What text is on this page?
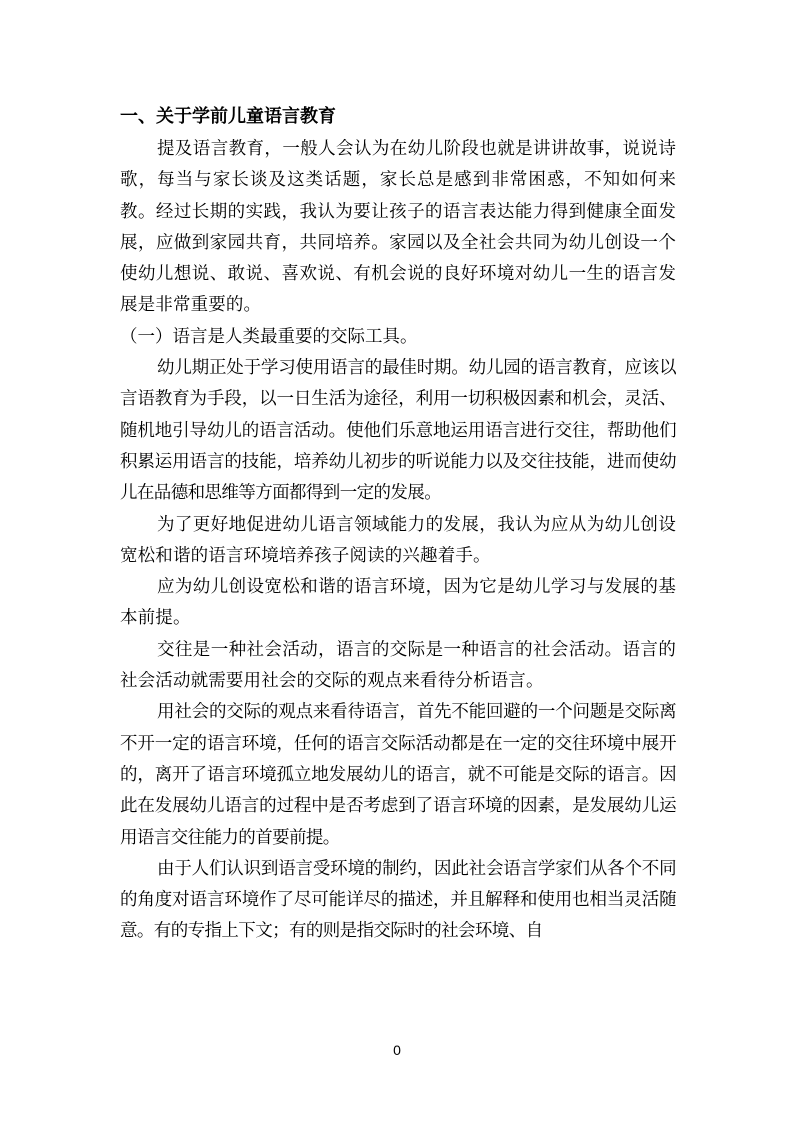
一、关于学前儿童语言教育

提及语言教育，一般人会认为在幼儿阶段也就是讲讲故事，说说诗歌，每当与家长谈及这类话题，家长总是感到非常困惑，不知如何来教。经过长期的实践，我认为要让孩子的语言表达能力得到健康全面发展，应做到家园共育，共同培养。家园以及全社会共同为幼儿创设一个使幼儿想说、敢说、喜欢说、有机会说的良好环境对幼儿一生的语言发展是非常重要的。

（一）语言是人类最重要的交际工具。

幼儿期正处于学习使用语言的最佳时期。幼儿园的语言教育，应该以言语教育为手段，以一日生活为途径，利用一切积极因素和机会，灵活、随机地引导幼儿的语言活动。使他们乐意地运用语言进行交往，帮助他们积累运用语言的技能，培养幼儿初步的听说能力以及交往技能，进而使幼儿在品德和思维等方面都得到一定的发展。

为了更好地促进幼儿语言领域能力的发展，我认为应从为幼儿创设宽松和谐的语言环境培养孩子阅读的兴趣着手。

应为幼儿创设宽松和谐的语言环境，因为它是幼儿学习与发展的基本前提。

交往是一种社会活动，语言的交际是一种语言的社会活动。语言的社会活动就需要用社会的交际的观点来看待分析语言。

用社会的交际的观点来看待语言，首先不能回避的一个问题是交际离不开一定的语言环境，任何的语言交际活动都是在一定的交往环境中展开的，离开了语言环境孤立地发展幼儿的语言，就不可能是交际的语言。因此在发展幼儿语言的过程中是否考虑到了语言环境的因素，是发展幼儿运用语言交往能力的首要前提。

由于人们认识到语言受环境的制约，因此社会语言学家们从各个不同的角度对语言环境作了尽可能详尽的描述，并且解释和使用也相当灵活随意。有的专指上下文；有的则是指交际时的社会环境、自

0
